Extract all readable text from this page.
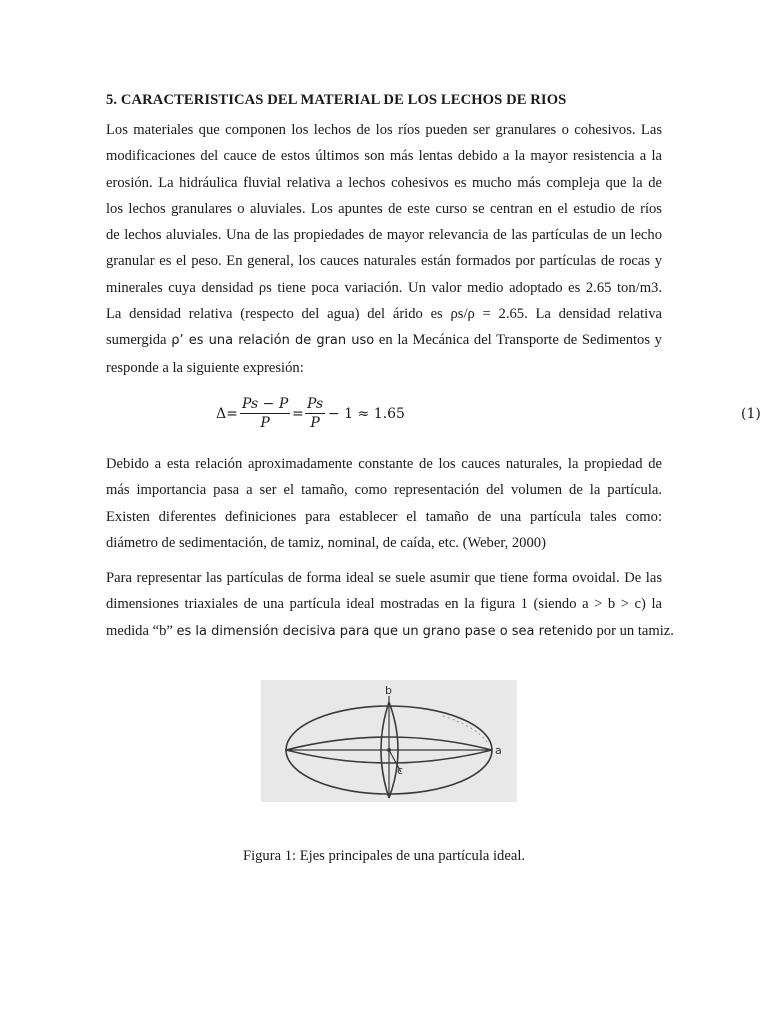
5. CARACTERISTICAS DEL MATERIAL DE LOS LECHOS DE RIOS
Los materiales que componen los lechos de los ríos pueden ser granulares o cohesivos. Las
modificaciones del cauce de estos últimos son más lentas debido a la mayor resistencia a la
erosión. La hidráulica fluvial relativa a lechos cohesivos es mucho más compleja que la de
los lechos granulares o aluviales. Los apuntes de este curso se centran en el estudio de ríos
de lechos aluviales. Una de las propiedades de mayor relevancia de las partículas de un lecho
granular es el peso. En general, los cauces naturales están formados por partículas de rocas y
minerales cuya densidad ρs tiene poca variación. Un valor medio adoptado es 2.65 ton/m3.
La densidad relativa (respecto del agua) del árido es ρs/ρ = 2.65. La densidad relativa
sumergida ρ’ es una relación de gran uso en la Mecánica del Transporte de Sedimentos y
responde a la siguiente expresión:
$\Delta= \frac{Ps - P}{P} = \frac{Ps}{P} - 1 \approx 1.65$	(1)
Debido a esta relación aproximadamente constante de los cauces naturales, la propiedad de
más importancia pasa a ser el tamaño, como representación del volumen de la partícula.
Existen diferentes definiciones para establecer el tamaño de una partícula tales como:
diámetro de sedimentación, de tamiz, nominal, de caída, etc. (Weber, 2000)
Para representar las partículas de forma ideal se suele asumir que tiene forma ovoidal. De las
dimensiones triaxiales de una partícula ideal mostradas en la figura 1 (siendo a > b > c) la
medida “b” es la dimensión decisiva para que un grano pase o sea retenido por un tamiz.
b
a
c
Figura 1: Ejes principales de una partícula ideal.
